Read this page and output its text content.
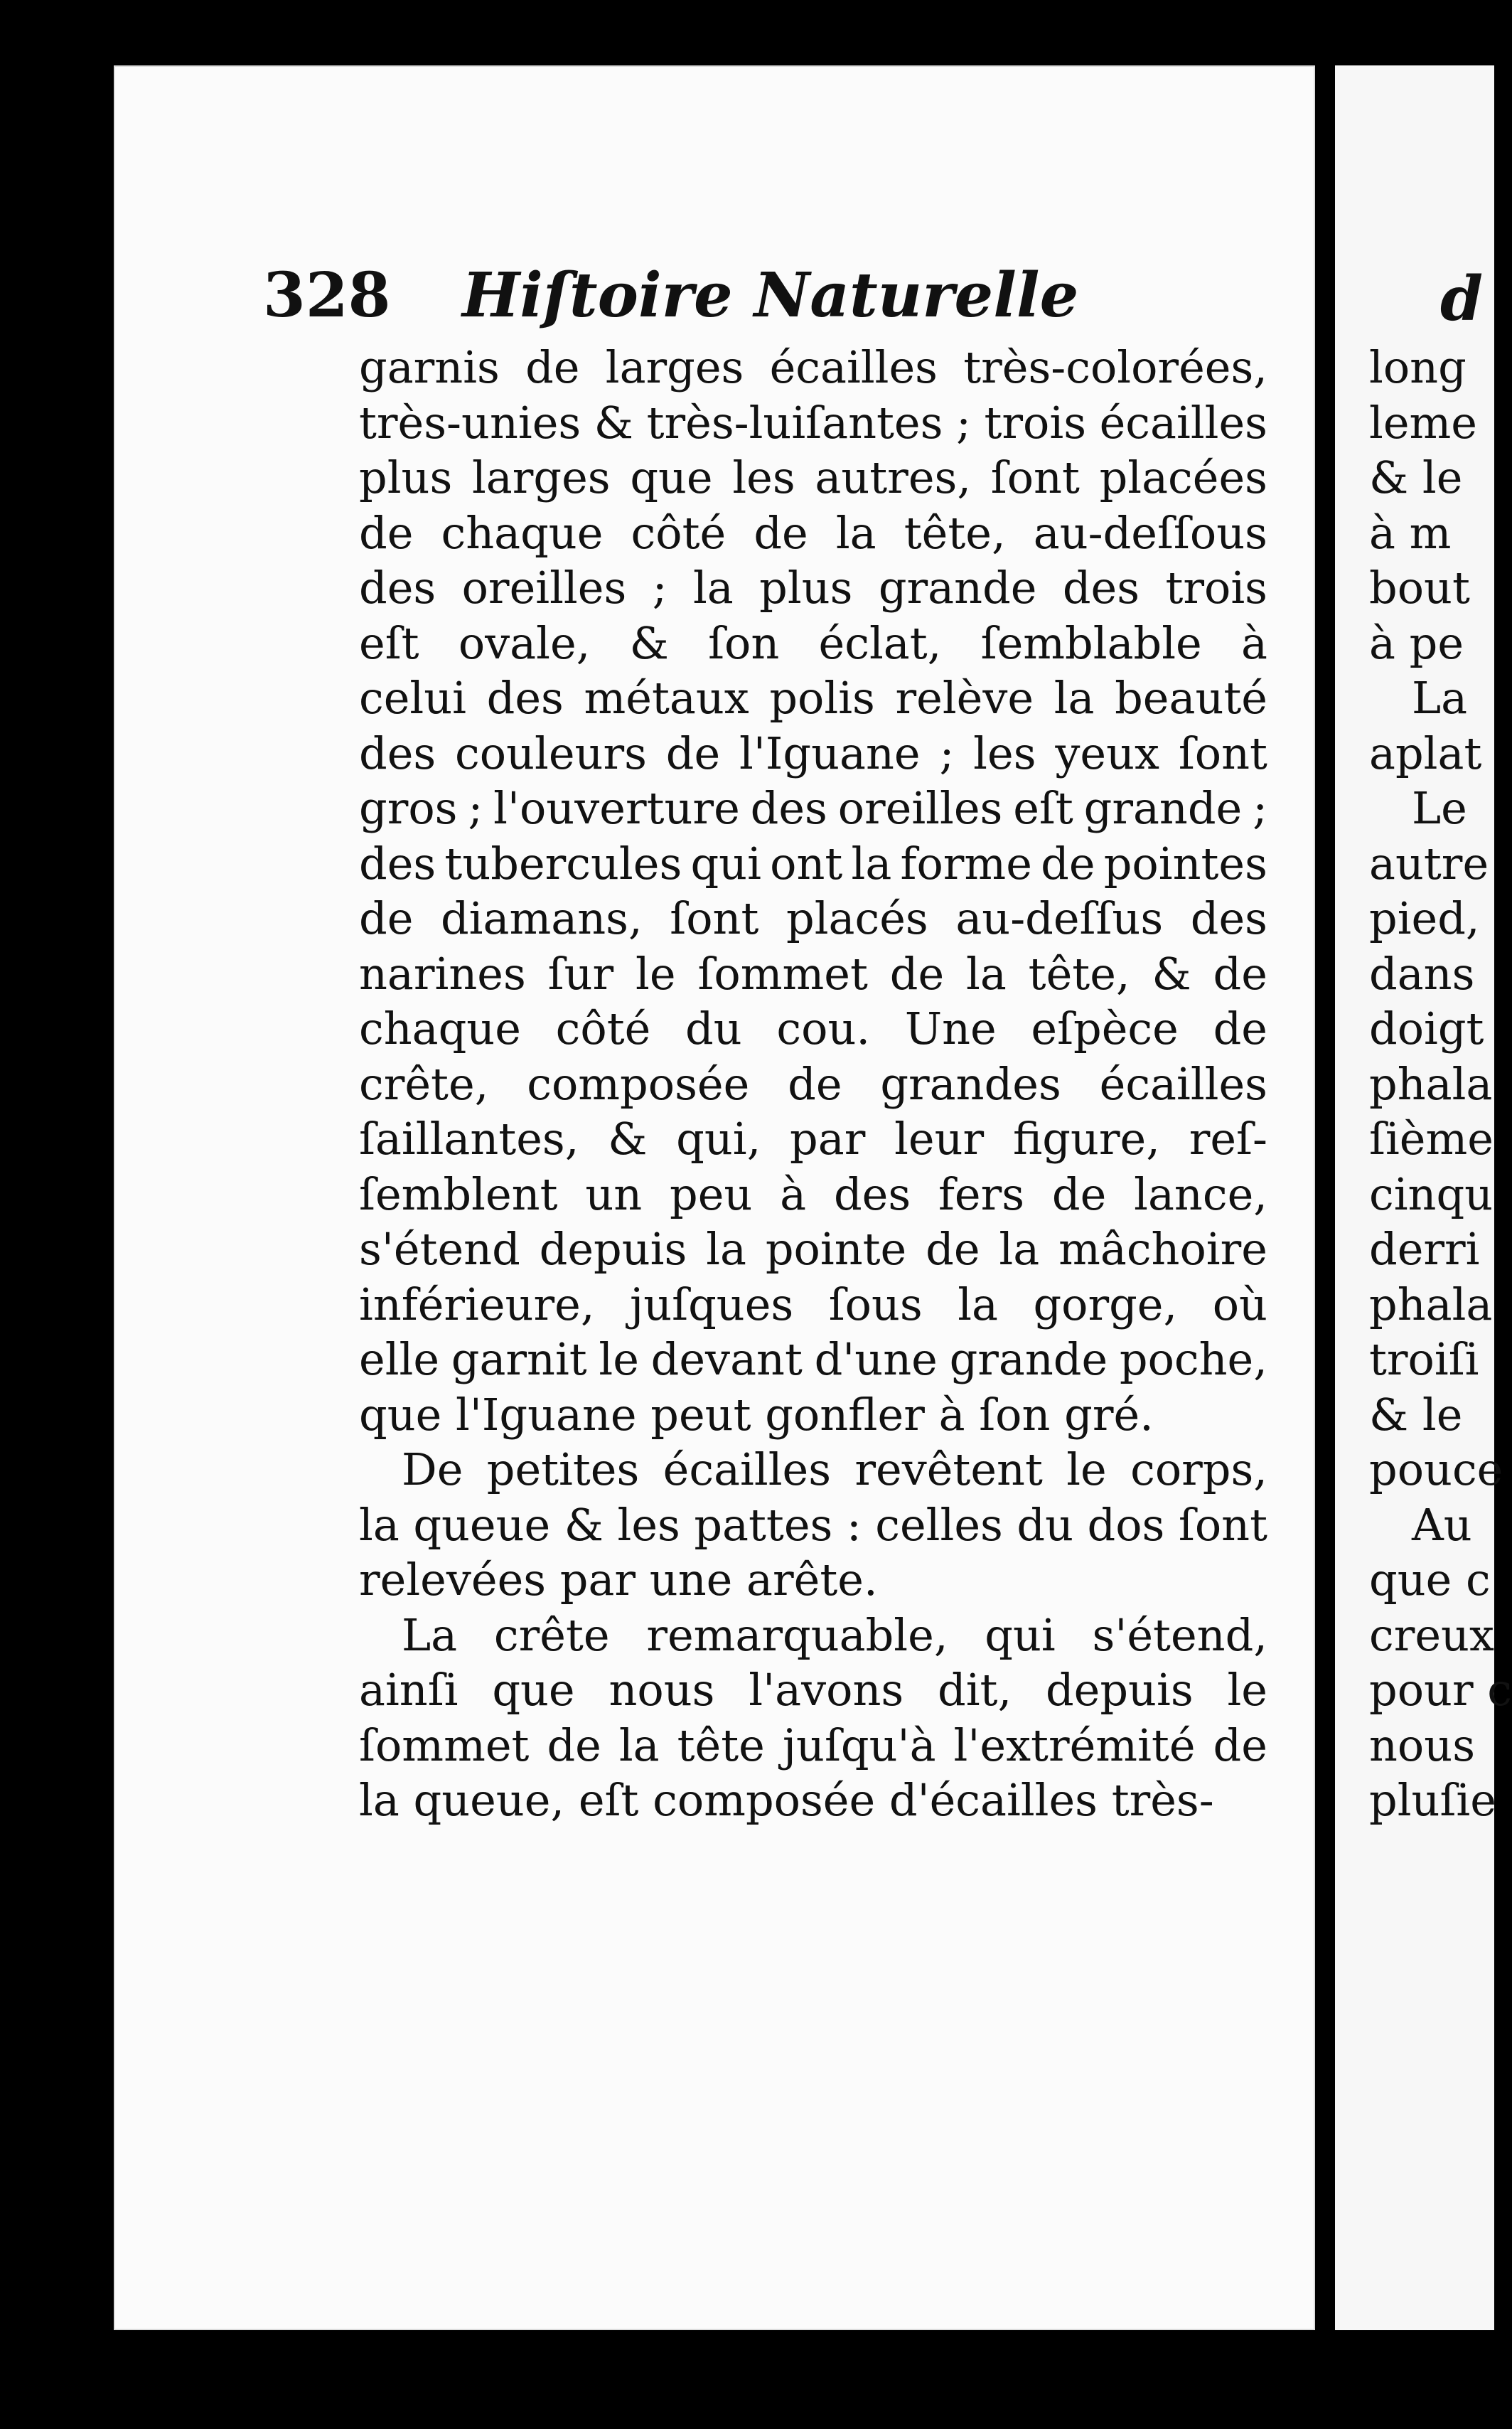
d
long
leme
& le
à m
bout
à pe
La
aplat
Le
autre
pied,
dans
doigt
phala
ſième
cinqu
derri
phala
troiſi
& le
pouce
Au
que c
creux
pour c
nous
pluſie
328 Hiſtoire Naturelle
garnis de larges écailles très-colorées,
très-unies & très-luiſantes ; trois écailles
plus larges que les autres, ſont placées
de chaque côté de la tête, au-deſſous
des oreilles ; la plus grande des trois
eſt ovale, & ſon éclat, ſemblable à
celui des métaux polis relève la beauté
des couleurs de l'Iguane ; les yeux ſont
gros ; l'ouverture des oreilles eſt grande ;
des tubercules qui ont la forme de pointes
de diamans, ſont placés au-deſſus des
narines ſur le ſommet de la tête, & de
chaque côté du cou. Une eſpèce de
crête, composée de grandes écailles
ſaillantes, & qui, par leur figure, reſ-
ſemblent un peu à des fers de lance,
s'étend depuis la pointe de la mâchoire
inférieure, juſques ſous la gorge, où
elle garnit le devant d'une grande poche,
que l'Iguane peut gonfler à ſon gré.
De petites écailles revêtent le corps,
la queue & les pattes : celles du dos ſont
relevées par une arête.
La crête remarquable, qui s'étend,
ainſi que nous l'avons dit, depuis le
ſommet de la tête juſqu'à l'extrémité de
la queue, eſt composée d'écailles très-
